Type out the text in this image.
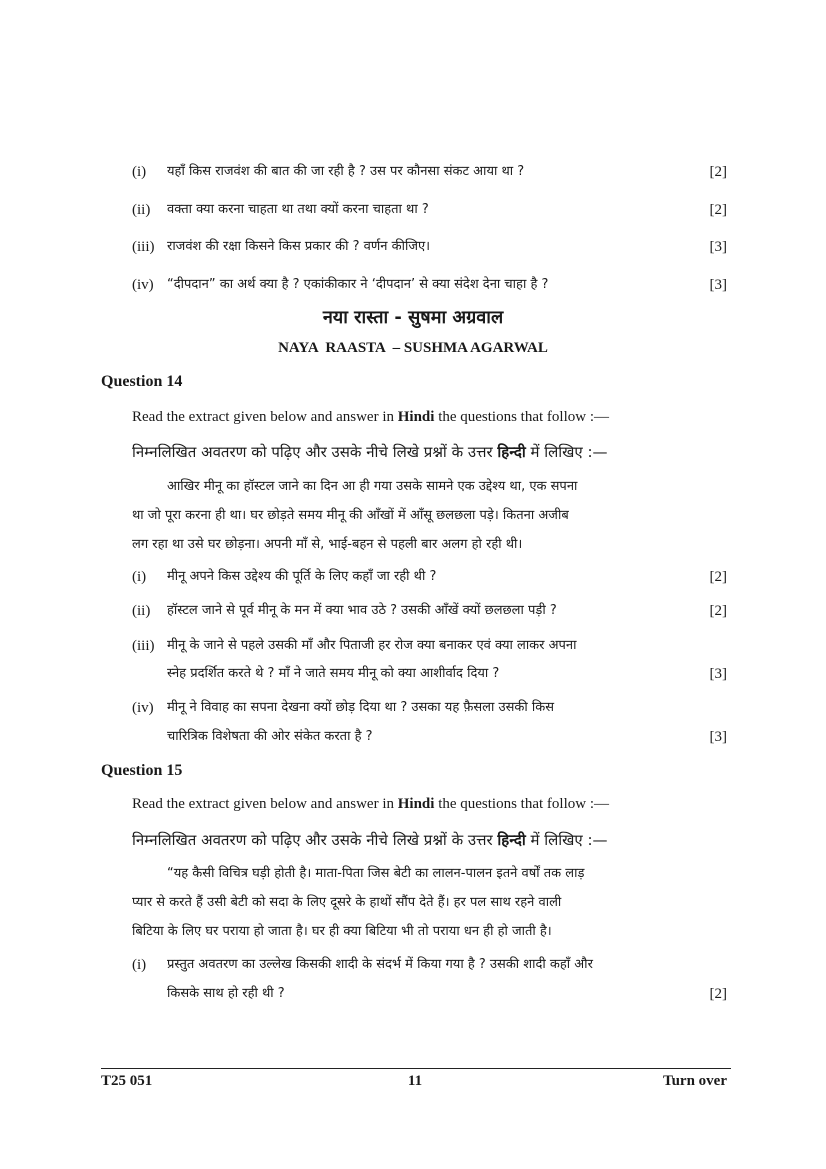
(i) यहाँ किस राजवंश की बात की जा रही है ? उस पर कौनसा संकट आया था ?	[2]
(ii) वक्ता क्या करना चाहता था तथा क्यों करना चाहता था ?	[2]
(iii) राजवंश की रक्षा किसने किस प्रकार की ? वर्णन कीजिए।	[3]
(iv) “दीपदान” का अर्थ क्या है ? एकांकीकार ने ‘दीपदान’ से क्या संदेश देना चाहा है ?	[3]
नया रास्ता - सुषमा अग्रवाल
NAYA  RAASTA  – SUSHMA AGARWAL
Question 14
Read the extract given below and answer in Hindi the questions that follow :—
निम्नलिखित अवतरण को पढ़िए और उसके नीचे लिखे प्रश्नों के उत्तर हिन्दी में लिखिए :—
आखिर मीनू का हॉस्टल जाने का दिन आ ही गया उसके सामने एक उद्देश्य था, एक सपना
था जो पूरा करना ही था। घर छोड़ते समय मीनू की आँखों में आँसू छलछला पड़े। कितना अजीब
लग रहा था उसे घर छोड़ना। अपनी माँ से, भाई-बहन से पहली बार अलग हो रही थी।
(i) मीनू अपने किस उद्देश्य की पूर्ति के लिए कहाँ जा रही थी ?	[2]
(ii) हॉस्टल जाने से पूर्व मीनू के मन में क्या भाव उठे ? उसकी आँखें क्यों छलछला पड़ी ?	[2]
(iii) मीनू के जाने से पहले उसकी माँ और पिताजी हर रोज क्या बनाकर एवं क्या लाकर अपना
स्नेह प्रदर्शित करते थे ? माँ ने जाते समय मीनू को क्या आशीर्वाद दिया ?	[3]
(iv) मीनू ने विवाह का सपना देखना क्यों छोड़ दिया था ? उसका यह फ़ैसला उसकी किस
चारित्रिक विशेषता की ओर संकेत करता है ?	[3]
Question 15
Read the extract given below and answer in Hindi the questions that follow :—
निम्नलिखित अवतरण को पढ़िए और उसके नीचे लिखे प्रश्नों के उत्तर हिन्दी में लिखिए :—
“यह कैसी विचित्र घड़ी होती है। माता-पिता जिस बेटी का लालन-पालन इतने वर्षों तक लाड़
प्यार से करते हैं उसी बेटी को सदा के लिए दूसरे के हाथों सौंप देते हैं। हर पल साथ रहने वाली
बिटिया के लिए घर पराया हो जाता है। घर ही क्या बिटिया भी तो पराया धन ही हो जाती है।
(i) प्रस्तुत अवतरण का उल्लेख किसकी शादी के संदर्भ में किया गया है ? उसकी शादी कहाँ और
किसके साथ हो रही थी ?	[2]
T25 051	11	Turn over
